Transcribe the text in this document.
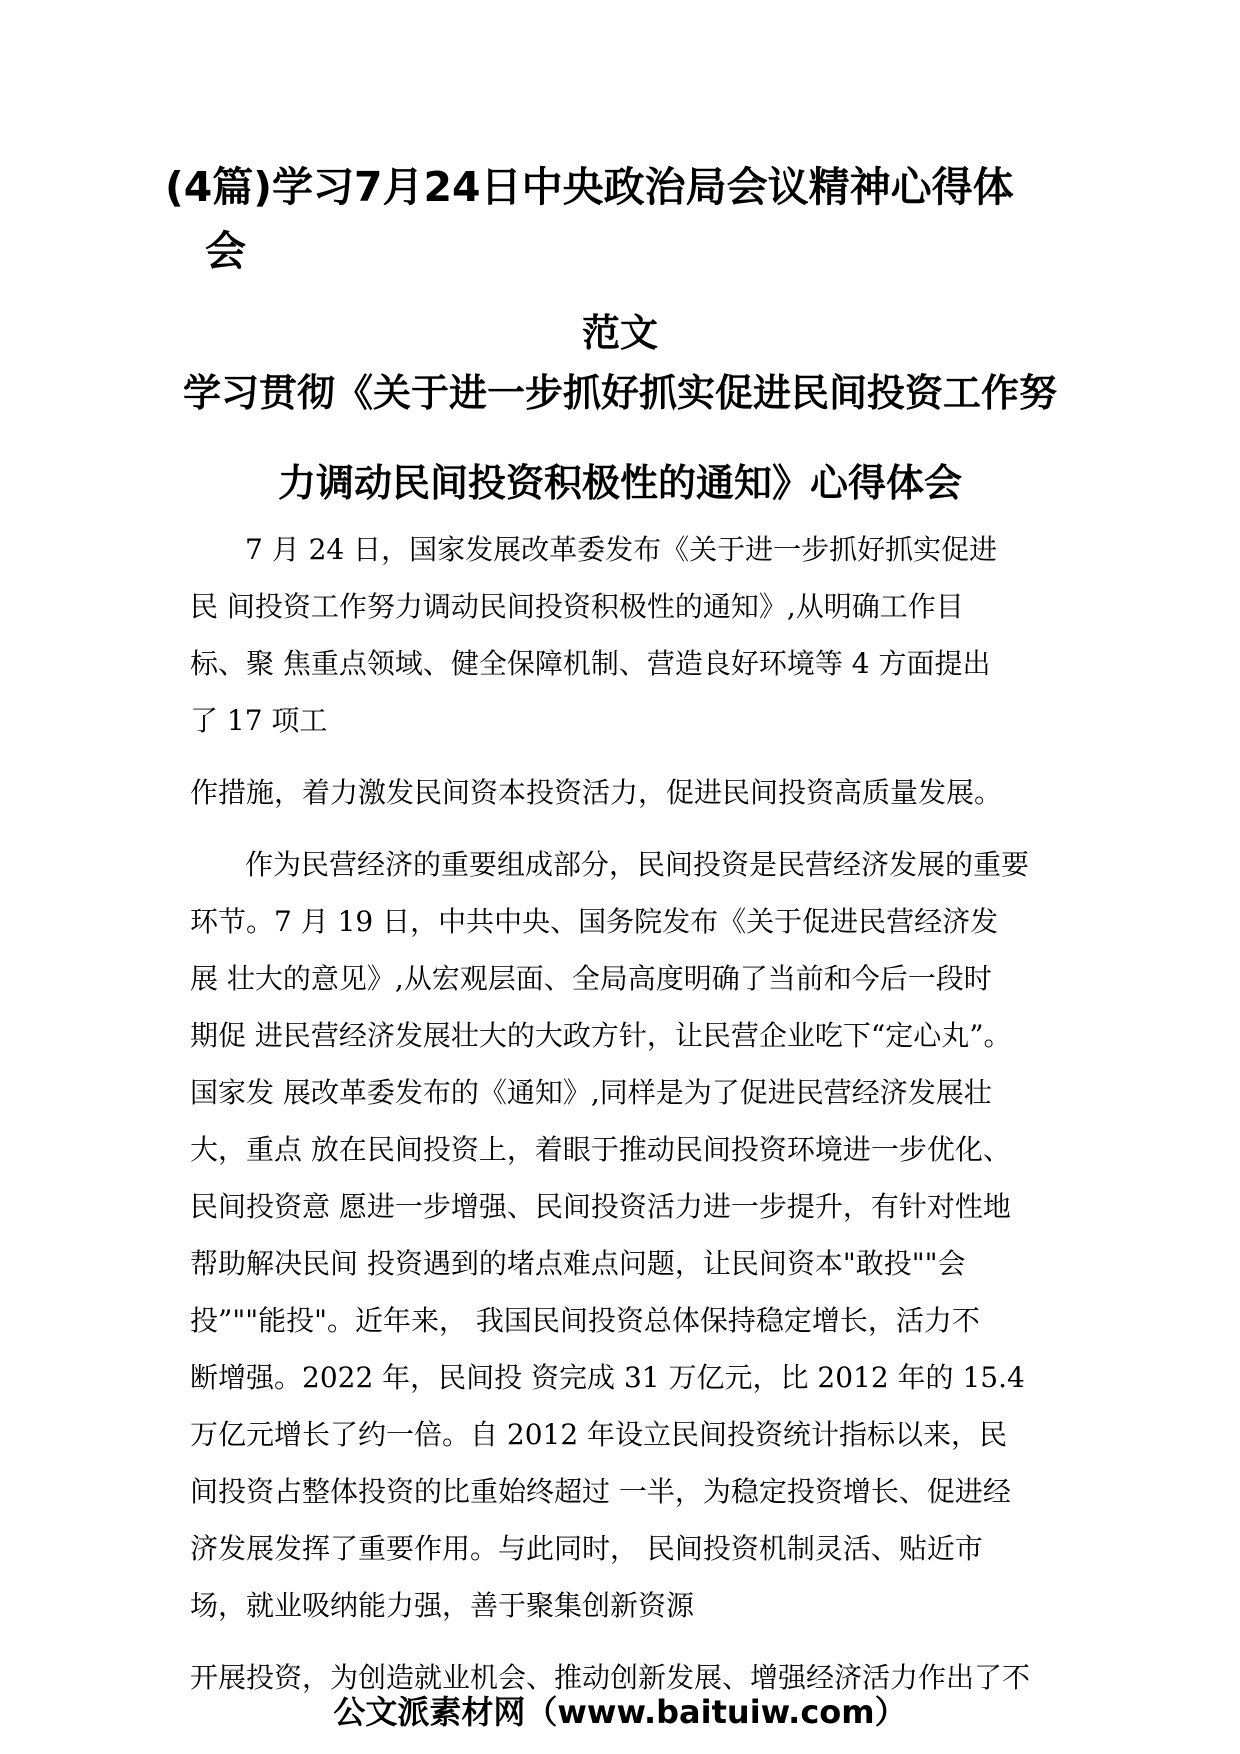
(4篇)学习7月24日中央政治局会议精神心得体
会
范文
学习贯彻《关于进一步抓好抓实促进民间投资工作努
力调动民间投资积极性的通知》心得体会
7 月 24 日，国家发展改革委发布《关于进一步抓好抓实促进
民 间投资工作努力调动民间投资积极性的通知》,从明确工作目
标、聚 焦重点领域、健全保障机制、营造良好环境等 4 方面提出
了 17 项工
作措施，着力激发民间资本投资活力，促进民间投资高质量发展。
作为民营经济的重要组成部分，民间投资是民营经济发展的重要
环节。7 月 19 日，中共中央、国务院发布《关于促进民营经济发
展 壮大的意见》,从宏观层面、全局高度明确了当前和今后一段时
期促 进民营经济发展壮大的大政方针，让民营企业吃下“定心丸”。
国家发 展改革委发布的《通知》,同样是为了促进民营经济发展壮
大，重点 放在民间投资上，着眼于推动民间投资环境进一步优化、
民间投资意 愿进一步增强、民间投资活力进一步提升，有针对性地
帮助解决民间 投资遇到的堵点难点问题，让民间资本"敢投""会
投”""能投"。近年来， 我国民间投资总体保持稳定增长，活力不
断增强。2022 年，民间投 资完成 31 万亿元，比 2012 年的 15.4
万亿元增长了约一倍。自 2012 年设立民间投资统计指标以来，民
间投资占整体投资的比重始终超过 一半，为稳定投资增长、促进经
济发展发挥了重要作用。与此同时， 民间投资机制灵活、贴近市
场，就业吸纳能力强，善于聚集创新资源
开展投资，为创造就业机会、推动创新发展、增强经济活力作出了不
公文派素材网（www.baituiw.com）
